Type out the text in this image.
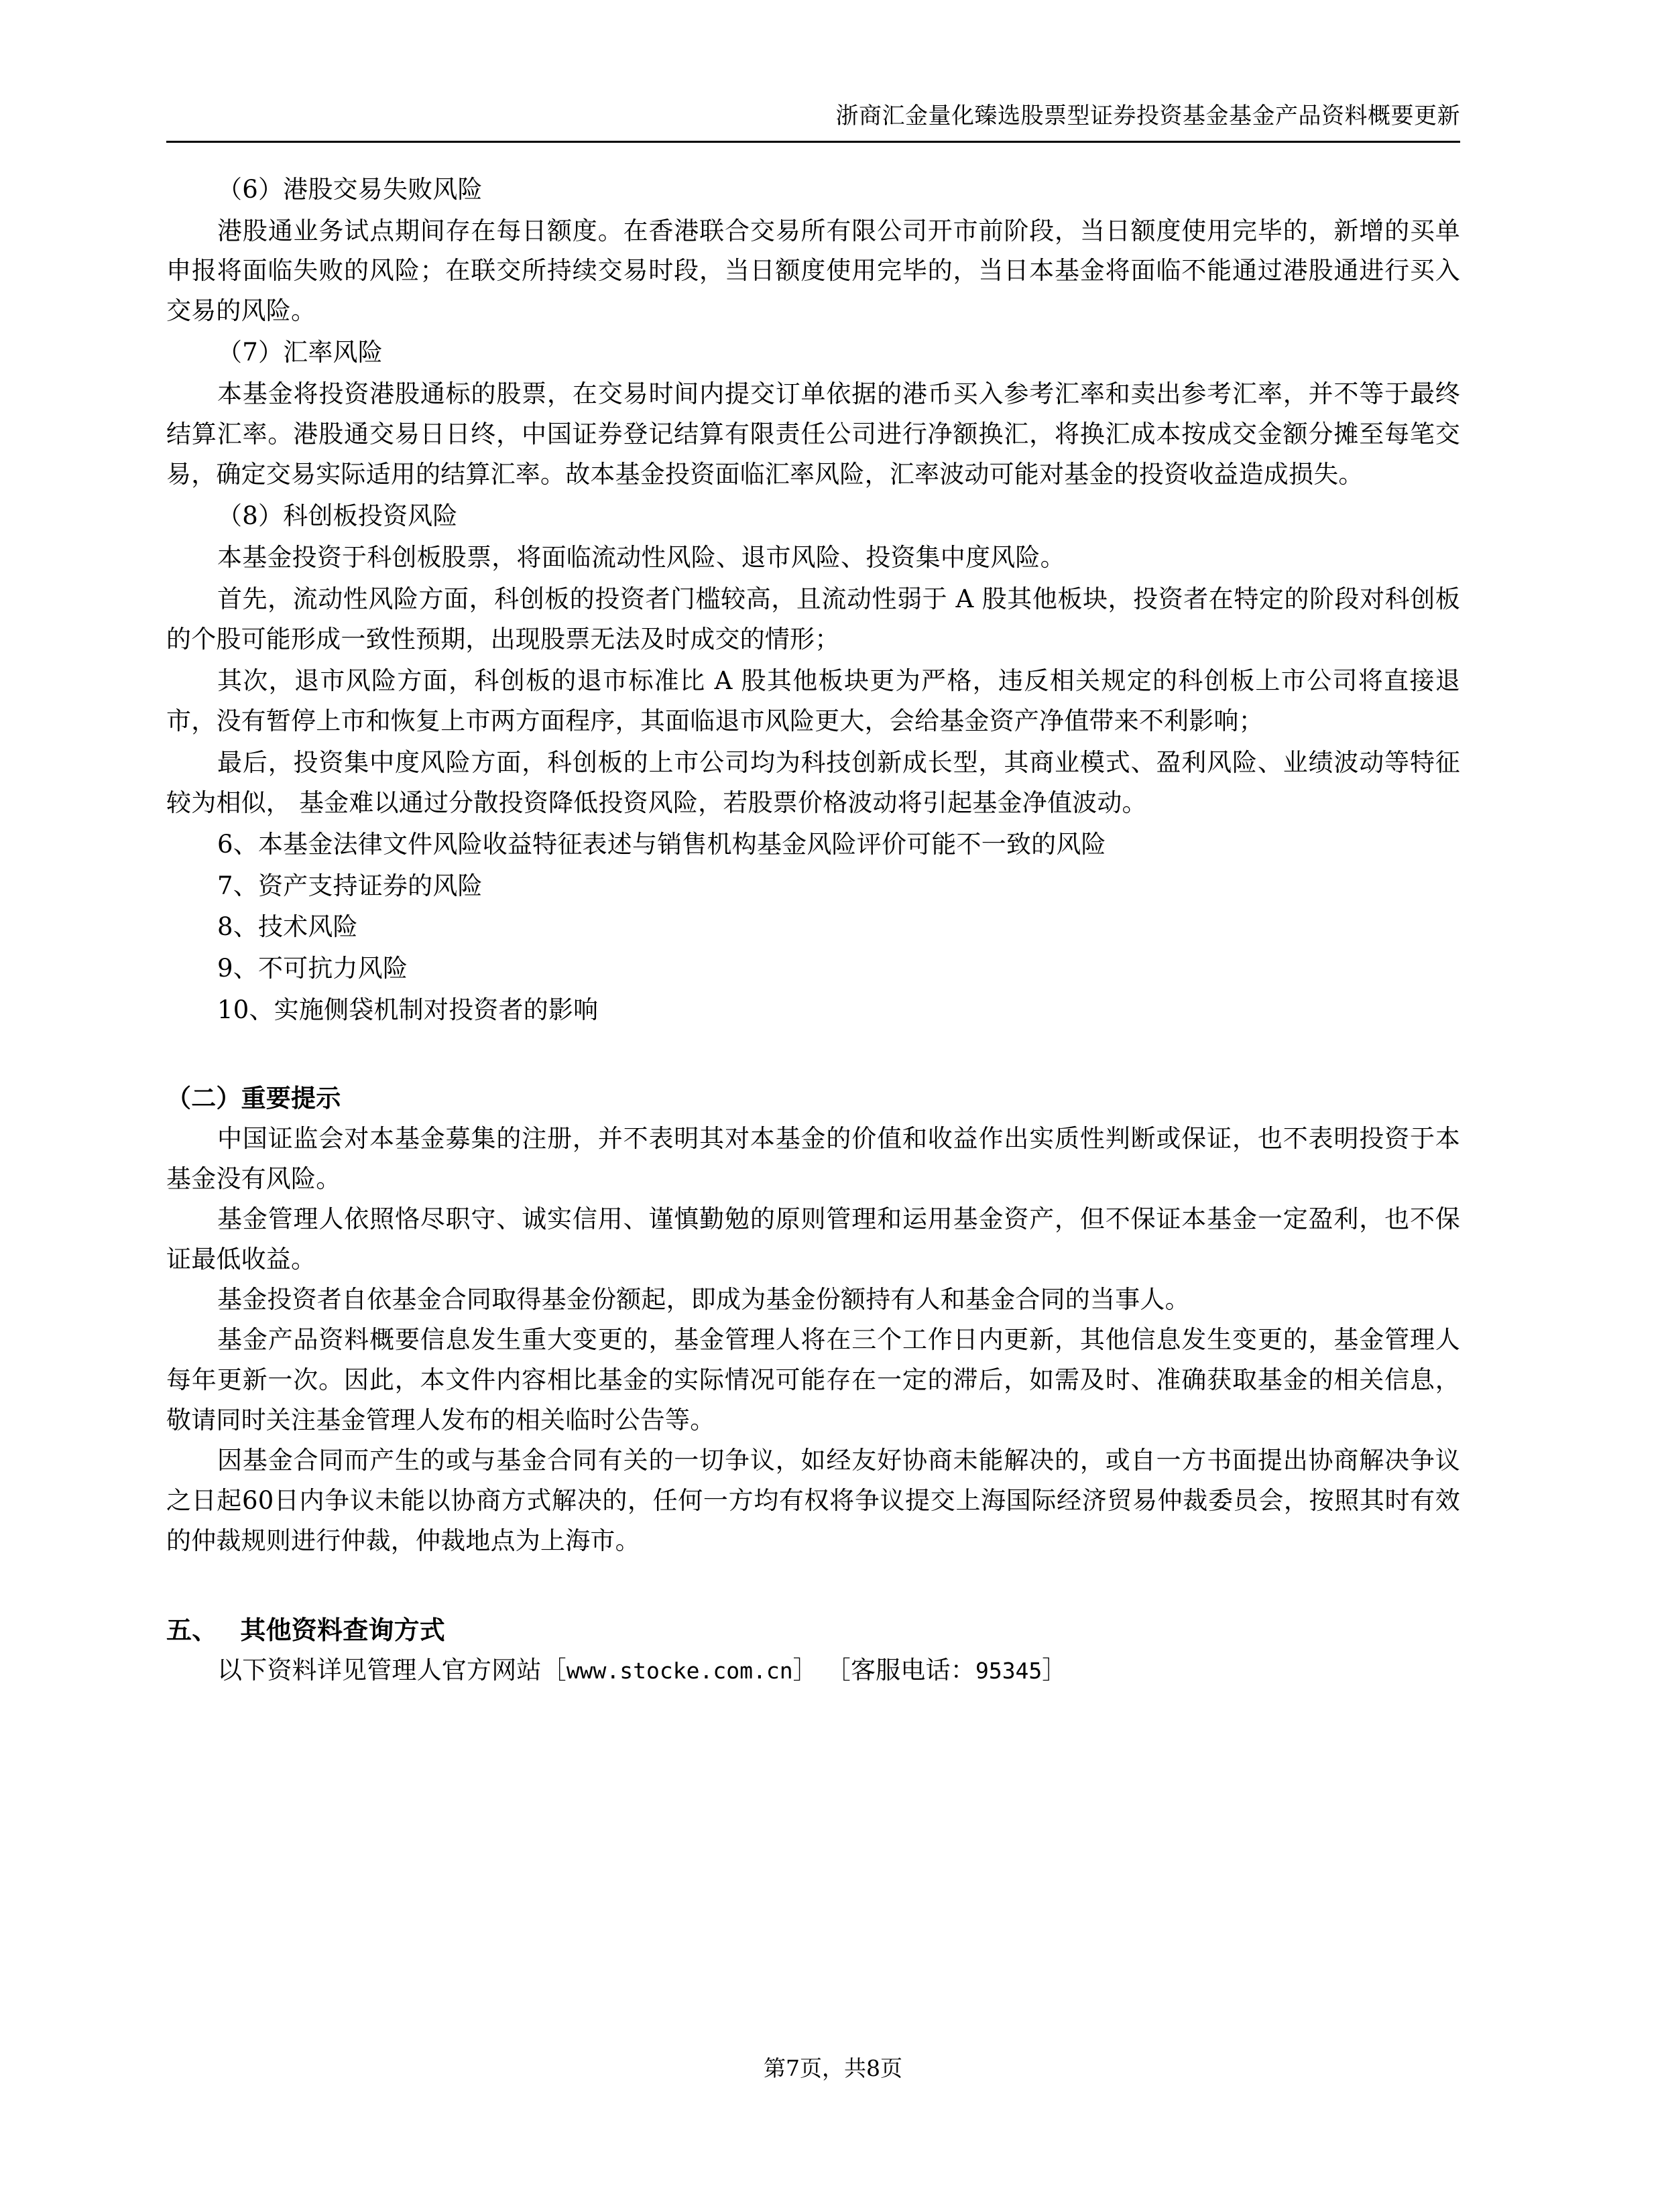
浙商汇金量化臻选股票型证券投资基金基金产品资料概要更新

（6）港股交易失败风险

港股通业务试点期间存在每日额度。在香港联合交易所有限公司开市前阶段，当日额度使用完毕的，新增的买单申报将面临失败的风险；在联交所持续交易时段，当日额度使用完毕的，当日本基金将面临不能通过港股通进行买入交易的风险。

（7）汇率风险

本基金将投资港股通标的股票，在交易时间内提交订单依据的港币买入参考汇率和卖出参考汇率，并不等于最终结算汇率。港股通交易日日终，中国证券登记结算有限责任公司进行净额换汇，将换汇成本按成交金额分摊至每笔交易，确定交易实际适用的结算汇率。故本基金投资面临汇率风险，汇率波动可能对基金的投资收益造成损失。

（8）科创板投资风险

本基金投资于科创板股票，将面临流动性风险、退市风险、投资集中度风险。

首先，流动性风险方面，科创板的投资者门槛较高，且流动性弱于 A 股其他板块，投资者在特定的阶段对科创板的个股可能形成一致性预期，出现股票无法及时成交的情形；

其次，退市风险方面，科创板的退市标准比 A 股其他板块更为严格，违反相关规定的科创板上市公司将直接退市，没有暂停上市和恢复上市两方面程序，其面临退市风险更大，会给基金资产净值带来不利影响；

最后，投资集中度风险方面，科创板的上市公司均为科技创新成长型，其商业模式、盈利风险、业绩波动等特征较为相似， 基金难以通过分散投资降低投资风险，若股票价格波动将引起基金净值波动。

6、本基金法律文件风险收益特征表述与销售机构基金风险评价可能不一致的风险

7、资产支持证券的风险

8、技术风险

9、不可抗力风险

10、实施侧袋机制对投资者的影响

（二）重要提示

中国证监会对本基金募集的注册，并不表明其对本基金的价值和收益作出实质性判断或保证，也不表明投资于本基金没有风险。

基金管理人依照恪尽职守、诚实信用、谨慎勤勉的原则管理和运用基金资产，但不保证本基金一定盈利，也不保证最低收益。

基金投资者自依基金合同取得基金份额起，即成为基金份额持有人和基金合同的当事人。

基金产品资料概要信息发生重大变更的，基金管理人将在三个工作日内更新，其他信息发生变更的，基金管理人每年更新一次。因此，本文件内容相比基金的实际情况可能存在一定的滞后，如需及时、准确获取基金的相关信息，敬请同时关注基金管理人发布的相关临时公告等。

因基金合同而产生的或与基金合同有关的一切争议，如经友好协商未能解决的，或自一方书面提出协商解决争议之日起60日内争议未能以协商方式解决的，任何一方均有权将争议提交上海国际经济贸易仲裁委员会，按照其时有效的仲裁规则进行仲裁，仲裁地点为上海市。

五、 其他资料查询方式

以下资料详见管理人官方网站［www.stocke.com.cn］ ［客服电话：95345］

第7页，共8页
